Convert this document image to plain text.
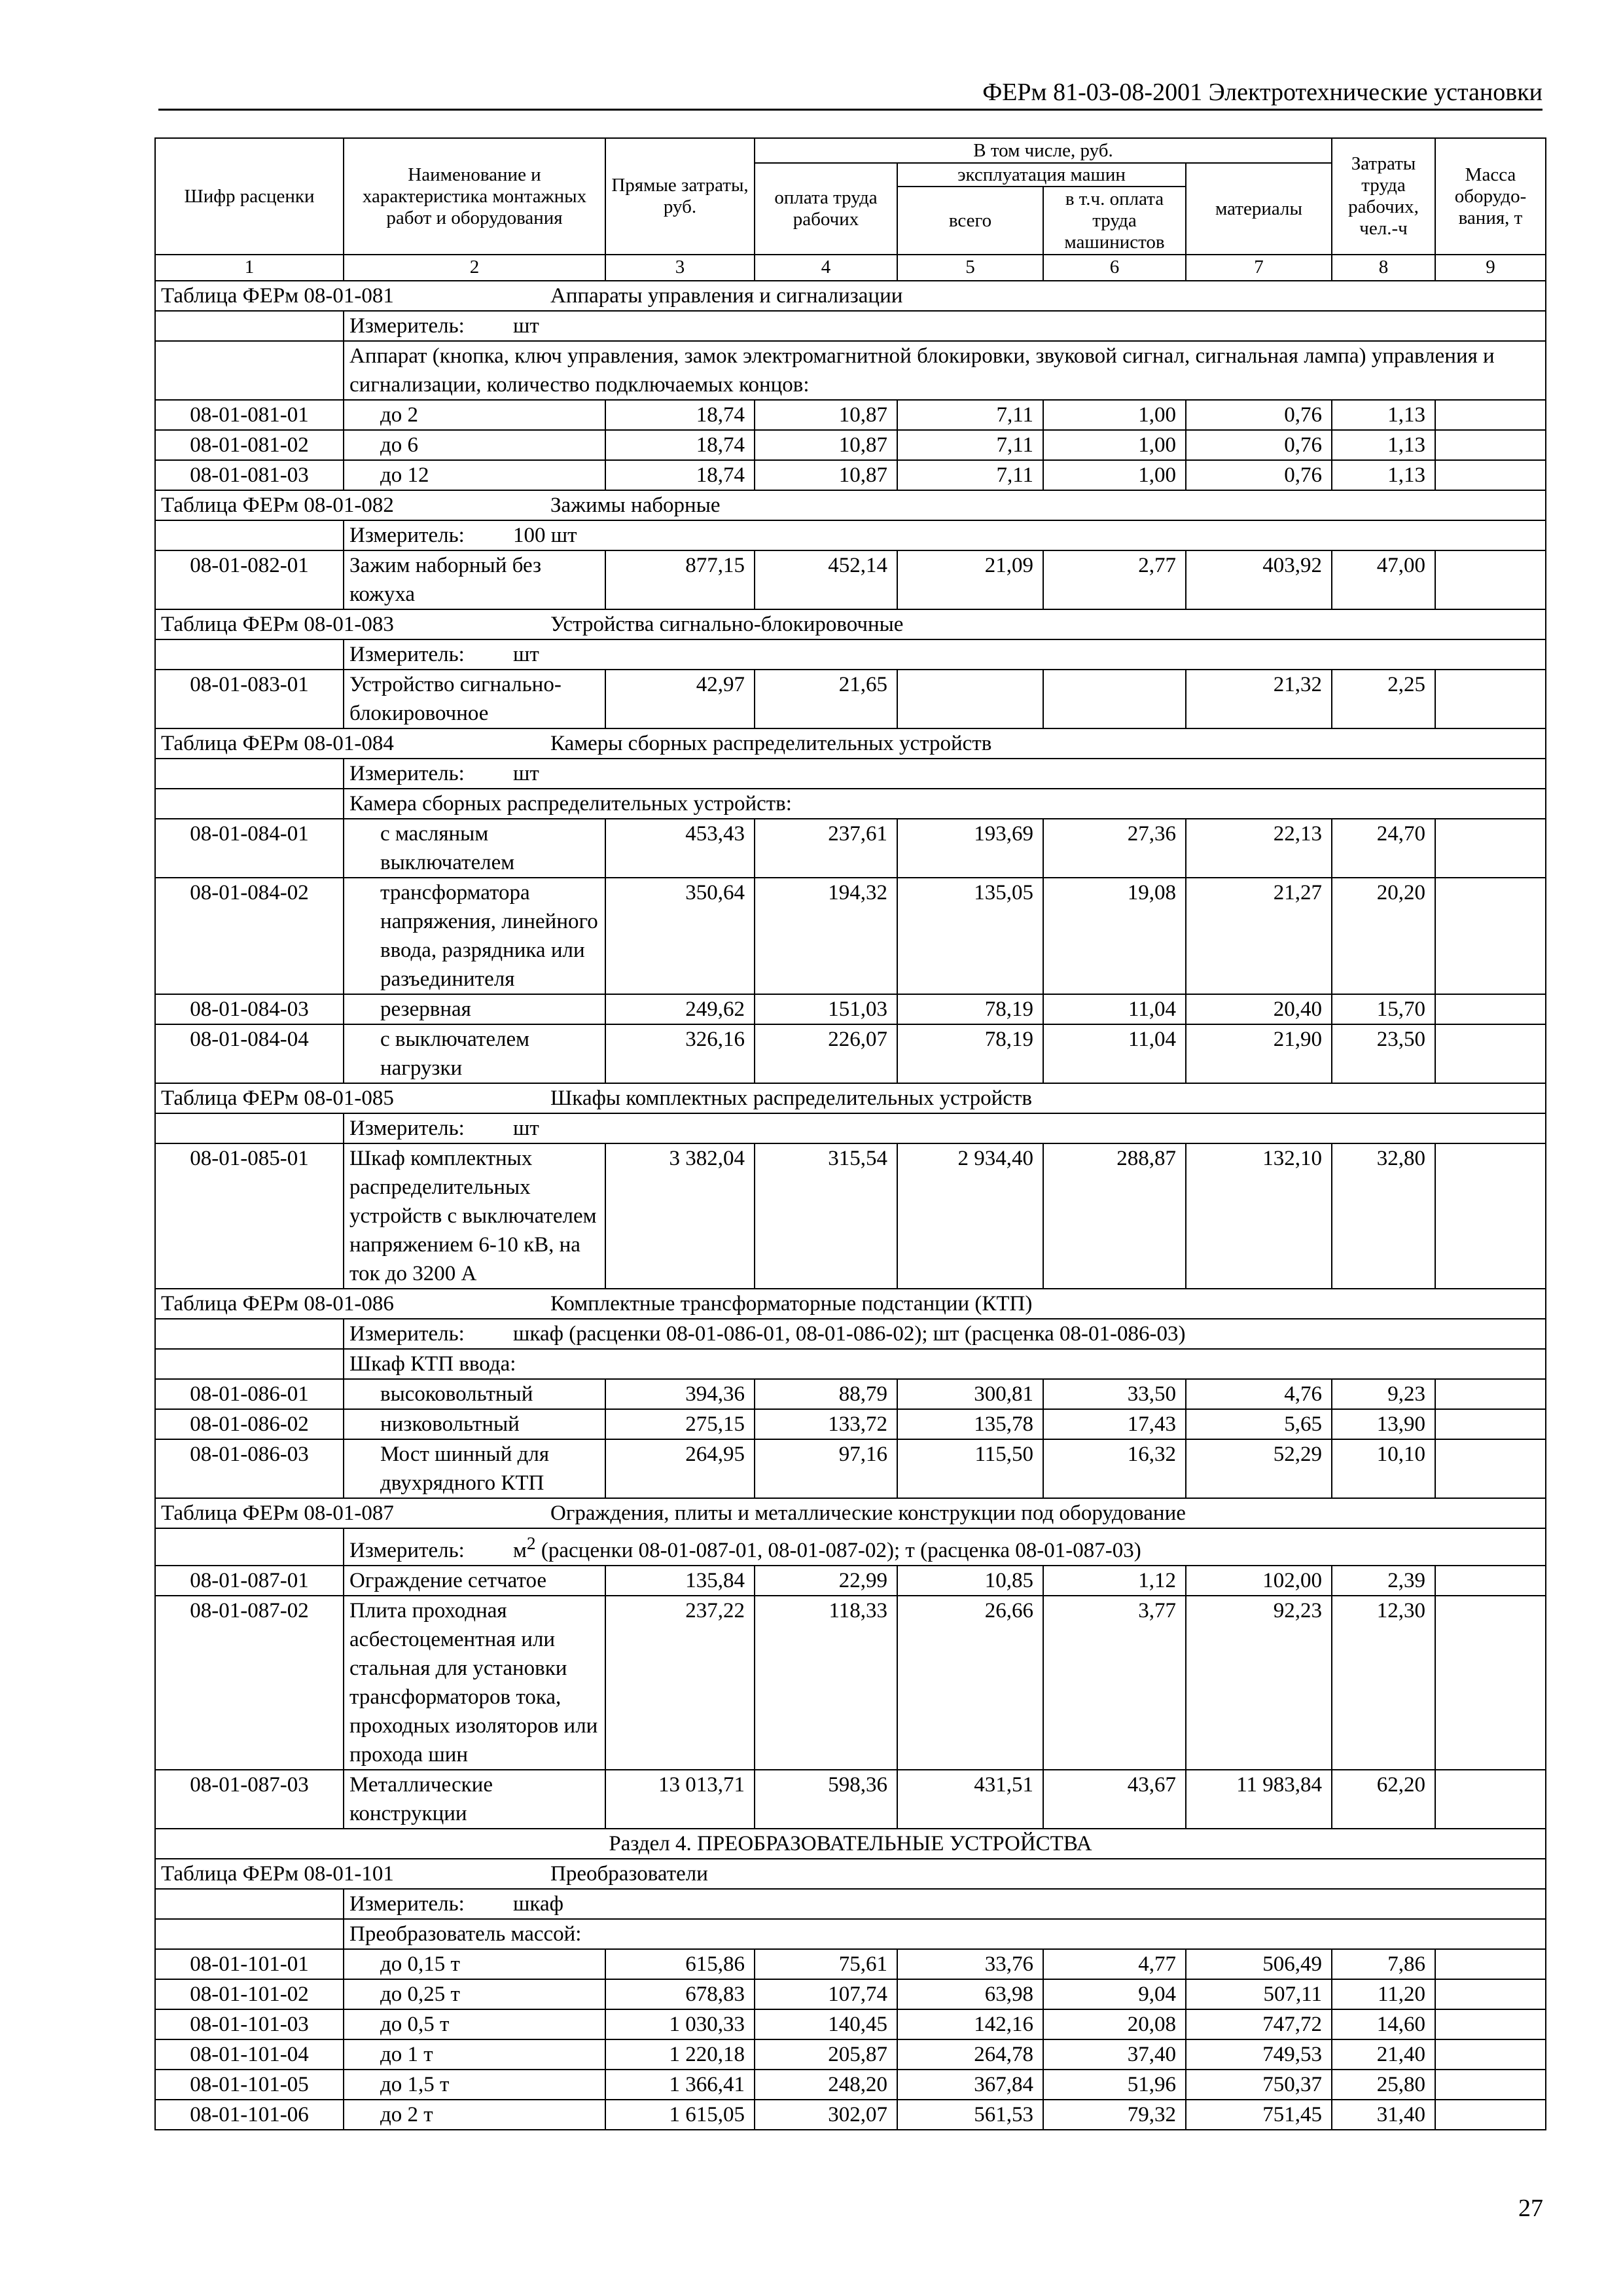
ФЕРм 81-03-08-2001 Электротехнические установки
Шифр расценки	Наименование и характеристика монтажных работ и оборудования	Прямые затраты, руб.	В том числе, руб.				Затраты труда рабочих, чел.-ч	Масса оборудо-вания, т
			оплата труда рабочих	эксплуатация машин		материалы		
				всего	в т.ч. оплата труда машинистов			
1	2	3	4	5	6	7	8	9
Таблица ФЕРм 08-01-081 Аппараты управления и сигнализации								
	Измеритель: шт							
	Аппарат (кнопка, ключ управления, замок электромагнитной блокировки, звуковой сигнал, сигнальная лампа) управления и сигнализации, количество подключаемых концов:							
08-01-081-01	до 2	18,74	10,87	7,11	1,00	0,76	1,13	
08-01-081-02	до 6	18,74	10,87	7,11	1,00	0,76	1,13	
08-01-081-03	до 12	18,74	10,87	7,11	1,00	0,76	1,13	
Таблица ФЕРм 08-01-082 Зажимы наборные								
	Измеритель: 100 шт							
08-01-082-01	Зажим наборный без кожуха	877,15	452,14	21,09	2,77	403,92	47,00	
Таблица ФЕРм 08-01-083 Устройства сигнально-блокировочные								
	Измеритель: шт							
08-01-083-01	Устройство сигнально-блокировочное	42,97	21,65			21,32	2,25	
Таблица ФЕРм 08-01-084 Камеры сборных распределительных устройств								
	Измеритель: шт							
	Камера сборных распределительных устройств:							
08-01-084-01	с масляным выключателем	453,43	237,61	193,69	27,36	22,13	24,70	
08-01-084-02	трансформатора напряжения, линейного ввода, разрядника или разъединителя	350,64	194,32	135,05	19,08	21,27	20,20	
08-01-084-03	резервная	249,62	151,03	78,19	11,04	20,40	15,70	
08-01-084-04	с выключателем нагрузки	326,16	226,07	78,19	11,04	21,90	23,50	
Таблица ФЕРм 08-01-085 Шкафы комплектных распределительных устройств								
	Измеритель: шт							
08-01-085-01	Шкаф комплектных распределительных устройств с выключателем напряжением 6-10 кВ, на ток до 3200 А	3 382,04	315,54	2 934,40	288,87	132,10	32,80	
Таблица ФЕРм 08-01-086 Комплектные трансформаторные подстанции (КТП)								
	Измеритель: шкаф (расценки 08-01-086-01, 08-01-086-02); шт (расценка 08-01-086-03)							
	Шкаф КТП ввода:							
08-01-086-01	высоковольтный	394,36	88,79	300,81	33,50	4,76	9,23	
08-01-086-02	низковольтный	275,15	133,72	135,78	17,43	5,65	13,90	
08-01-086-03	Мост шинный для двухрядного КТП	264,95	97,16	115,50	16,32	52,29	10,10	
Таблица ФЕРм 08-01-087 Ограждения, плиты и металлические конструкции под оборудование								
	Измеритель: $м^2$ (расценки 08-01-087-01, 08-01-087-02); т (расценка 08-01-087-03)							
08-01-087-01	Ограждение сетчатое	135,84	22,99	10,85	1,12	102,00	2,39	
08-01-087-02	Плита проходная асбестоцементная или стальная для установки трансформаторов тока, проходных изоляторов или прохода шин	237,22	118,33	26,66	3,77	92,23	12,30	
08-01-087-03	Металлические конструкции	13 013,71	598,36	431,51	43,67	11 983,84	62,20	
Раздел 4. ПРЕОБРАЗОВАТЕЛЬНЫЕ УСТРОЙСТВА								
Таблица ФЕРм 08-01-101 Преобразователи								
	Измеритель: шкаф							
	Преобразователь массой:							
08-01-101-01	до 0,15 т	615,86	75,61	33,76	4,77	506,49	7,86	
08-01-101-02	до 0,25 т	678,83	107,74	63,98	9,04	507,11	11,20	
08-01-101-03	до 0,5 т	1 030,33	140,45	142,16	20,08	747,72	14,60	
08-01-101-04	до 1 т	1 220,18	205,87	264,78	37,40	749,53	21,40	
08-01-101-05	до 1,5 т	1 366,41	248,20	367,84	51,96	750,37	25,80	
08-01-101-06	до 2 т	1 615,05	302,07	561,53	79,32	751,45	31,40	
27
